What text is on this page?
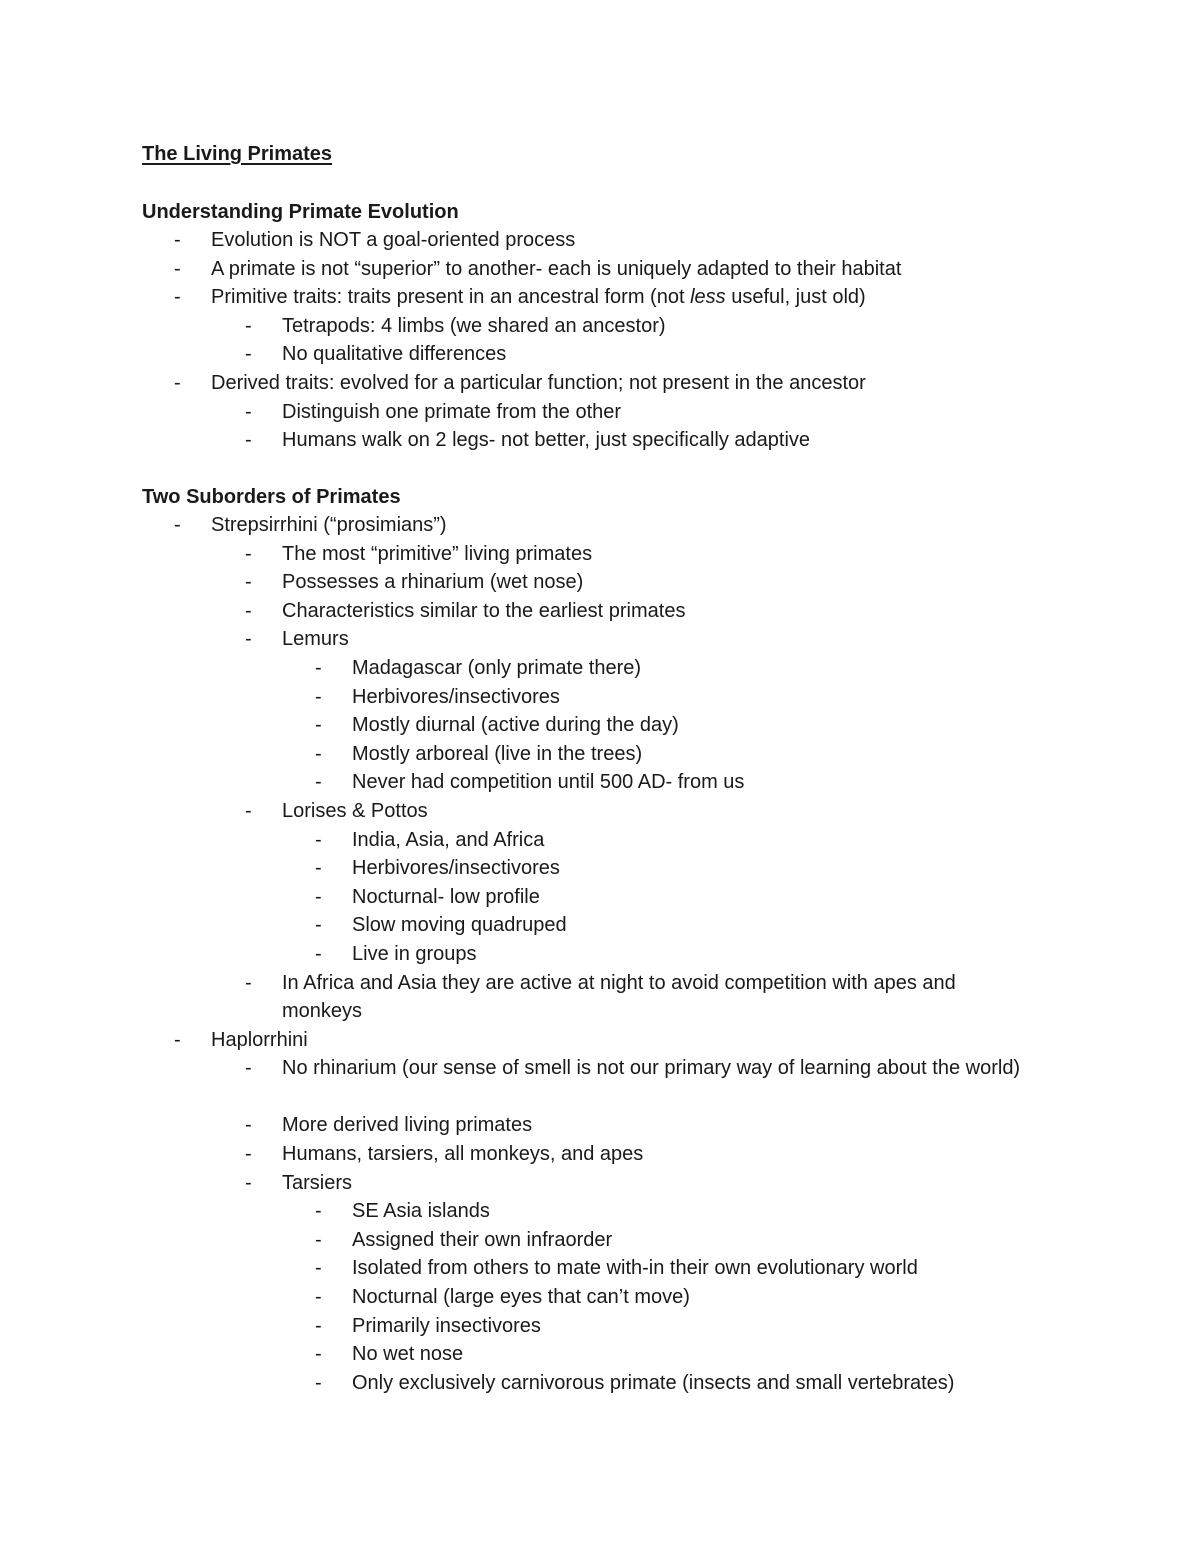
The Living Primates
Understanding Primate Evolution
- Evolution is NOT a goal-oriented process
- A primate is not “superior” to another- each is uniquely adapted to their habitat
- Primitive traits: traits present in an ancestral form (not less useful, just old)
- Tetrapods: 4 limbs (we shared an ancestor)
- No qualitative differences
- Derived traits: evolved for a particular function; not present in the ancestor
- Distinguish one primate from the other
- Humans walk on 2 legs- not better, just specifically adaptive
Two Suborders of Primates
- Strepsirrhini (“prosimians”)
- The most “primitive” living primates
- Possesses a rhinarium (wet nose)
- Characteristics similar to the earliest primates
- Lemurs
- Madagascar (only primate there)
- Herbivores/insectivores
- Mostly diurnal (active during the day)
- Mostly arboreal (live in the trees)
- Never had competition until 500 AD- from us
- Lorises & Pottos
- India, Asia, and Africa
- Herbivores/insectivores
- Nocturnal- low profile
- Slow moving quadruped
- Live in groups
- In Africa and Asia they are active at night to avoid competition with apes and monkeys
- Haplorrhini
- No rhinarium (our sense of smell is not our primary way of learning about the world)
- More derived living primates
- Humans, tarsiers, all monkeys, and apes
- Tarsiers
- SE Asia islands
- Assigned their own infraorder
- Isolated from others to mate with-in their own evolutionary world
- Nocturnal (large eyes that can’t move)
- Primarily insectivores
- No wet nose
- Only exclusively carnivorous primate (insects and small vertebrates)
